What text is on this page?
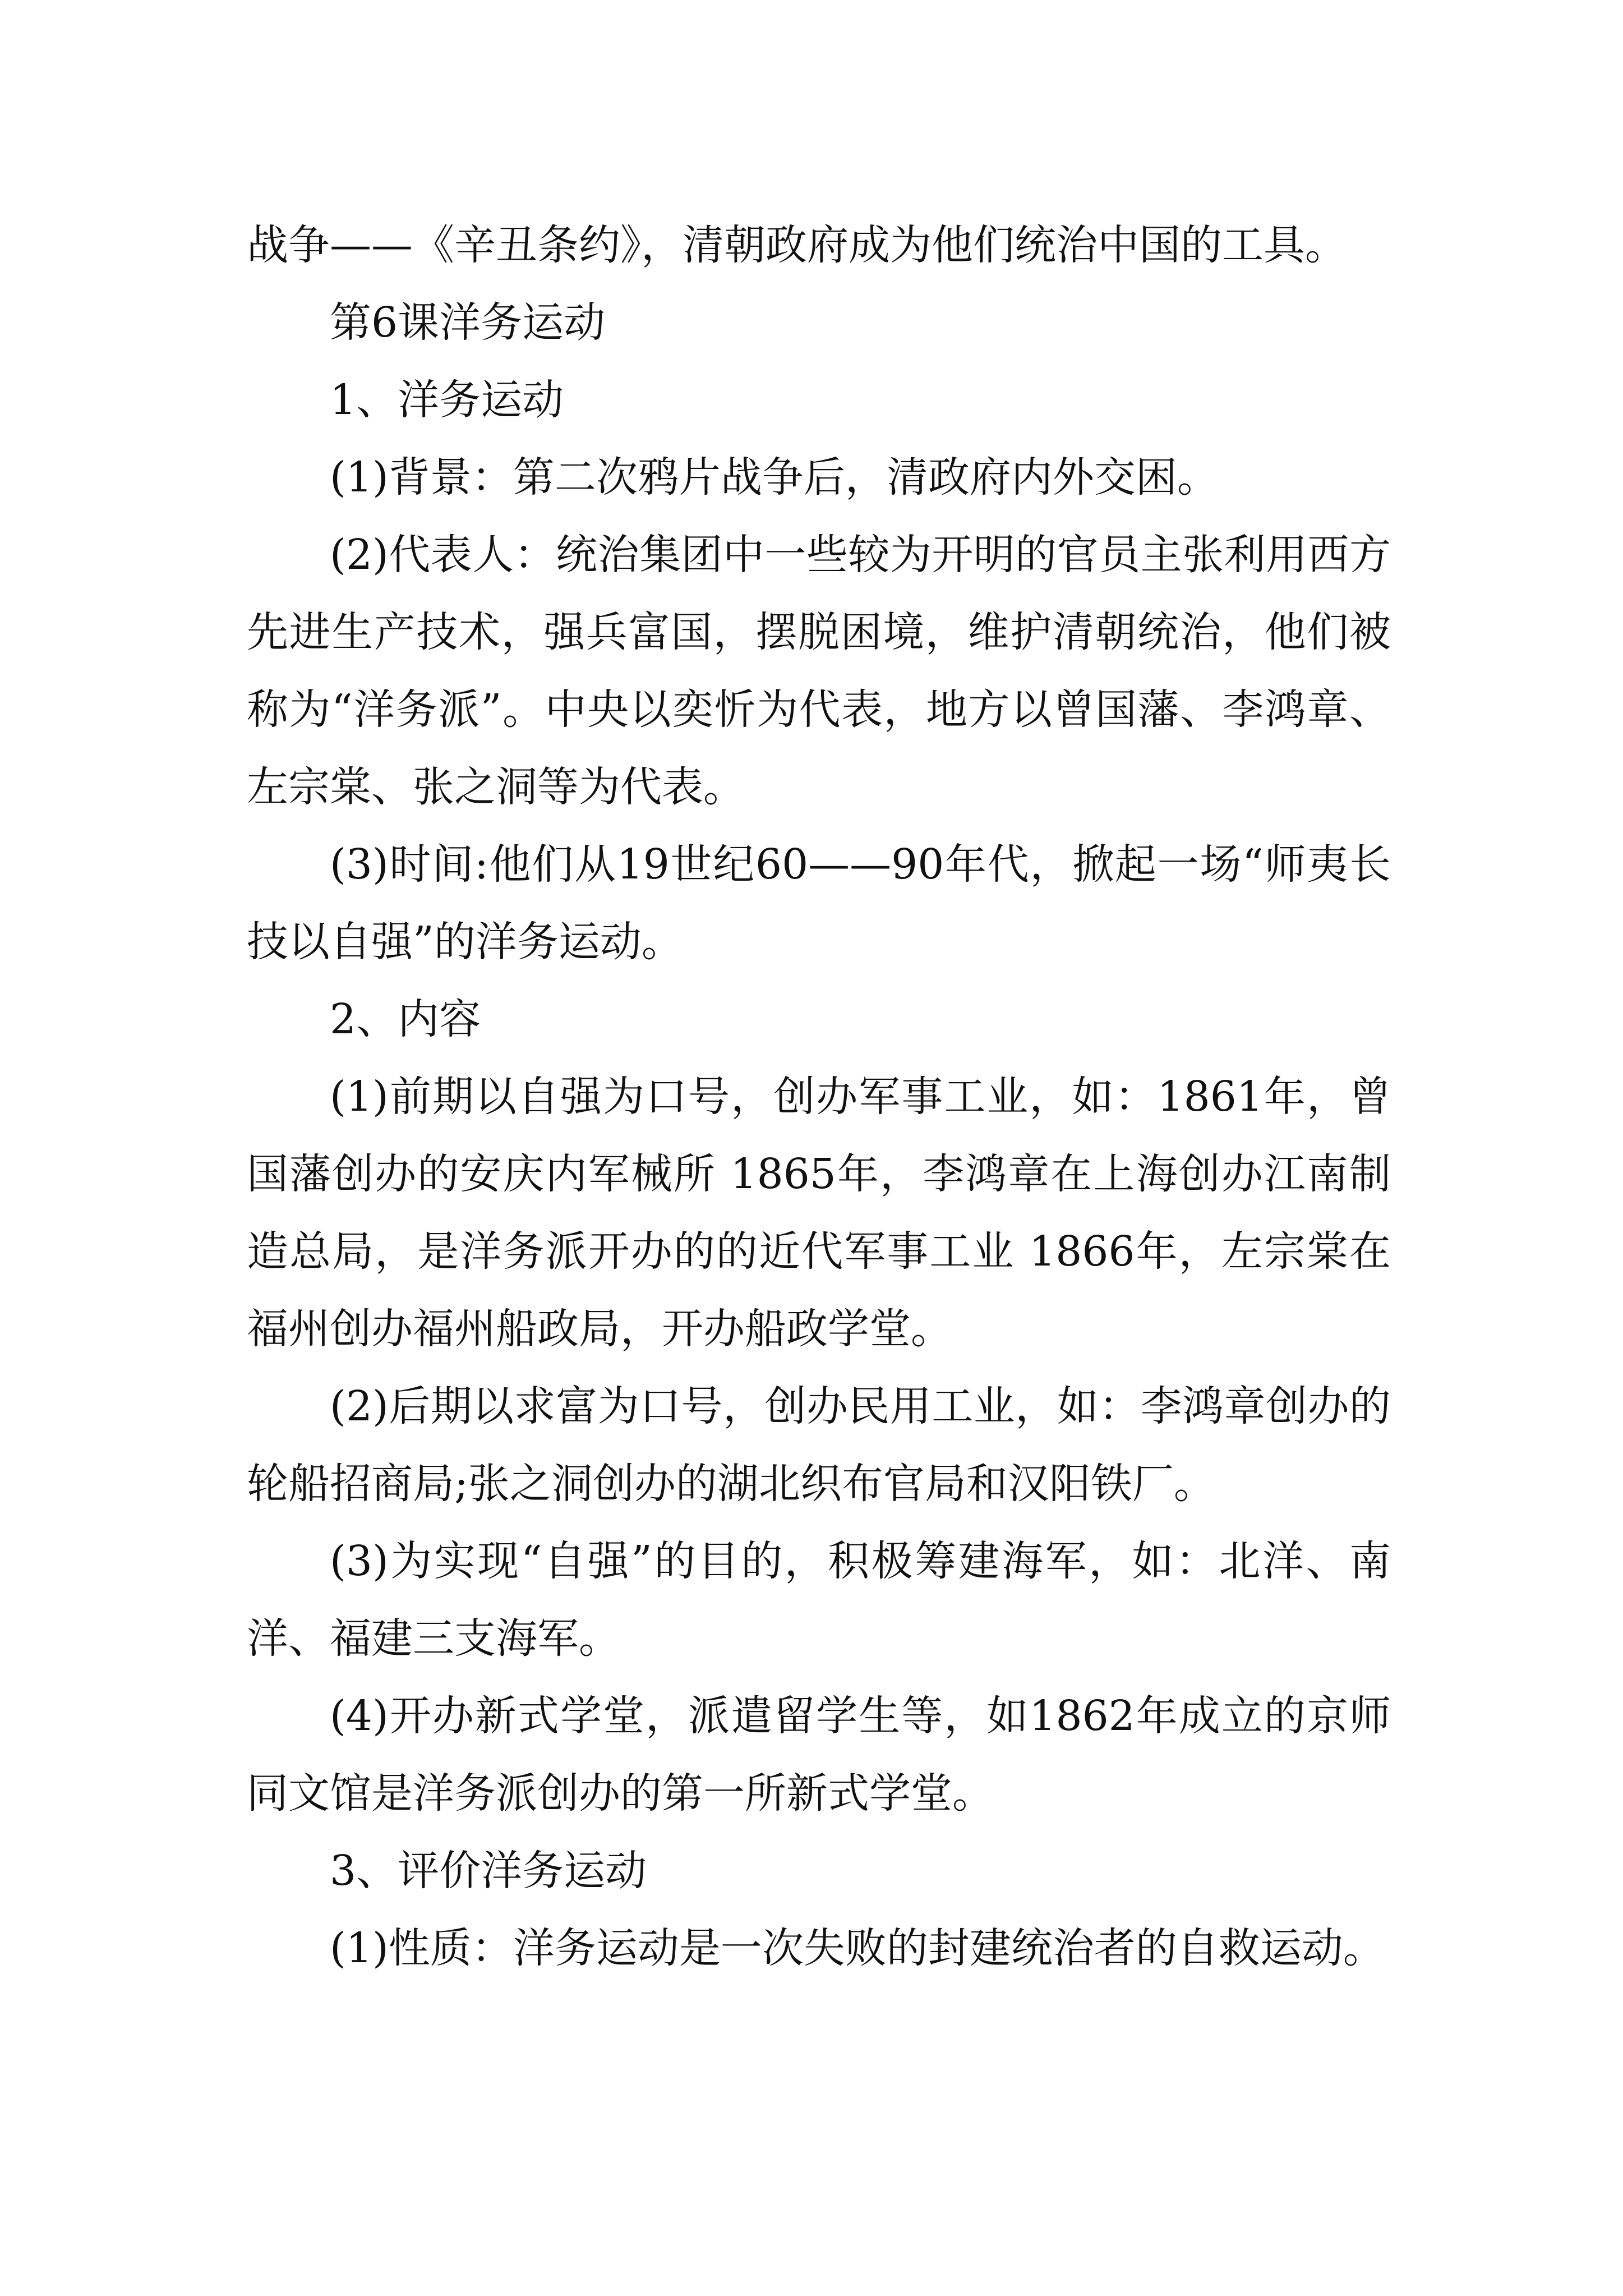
战争——《辛丑条约》，清朝政府成为他们统治中国的工具。

第6课洋务运动

1、洋务运动

(1)背景：第二次鸦片战争后，清政府内外交困。

(2)代表人：统治集团中一些较为开明的官员主张利用西方先进生产技术，强兵富国，摆脱困境，维护清朝统治，他们被称为“洋务派”。中央以奕忻为代表，地方以曾国藩、李鸿章、左宗棠、张之洞等为代表。

(3)时间:他们从19世纪60——90年代，掀起一场“师夷长技以自强”的洋务运动。

2、内容

(1)前期以自强为口号，创办军事工业，如：1861年，曾国藩创办的安庆内军械所 1865年，李鸿章在上海创办江南制造总局，是洋务派开办的的近代军事工业 1866年，左宗棠在福州创办福州船政局，开办船政学堂。

(2)后期以求富为口号，创办民用工业，如：李鸿章创办的轮船招商局;张之洞创办的湖北织布官局和汉阳铁厂。

(3)为实现“自强”的目的，积极筹建海军，如：北洋、南洋、福建三支海军。

(4)开办新式学堂，派遣留学生等，如1862年成立的京师同文馆是洋务派创办的第一所新式学堂。

3、评价洋务运动

(1)性质：洋务运动是一次失败的封建统治者的自救运动。
